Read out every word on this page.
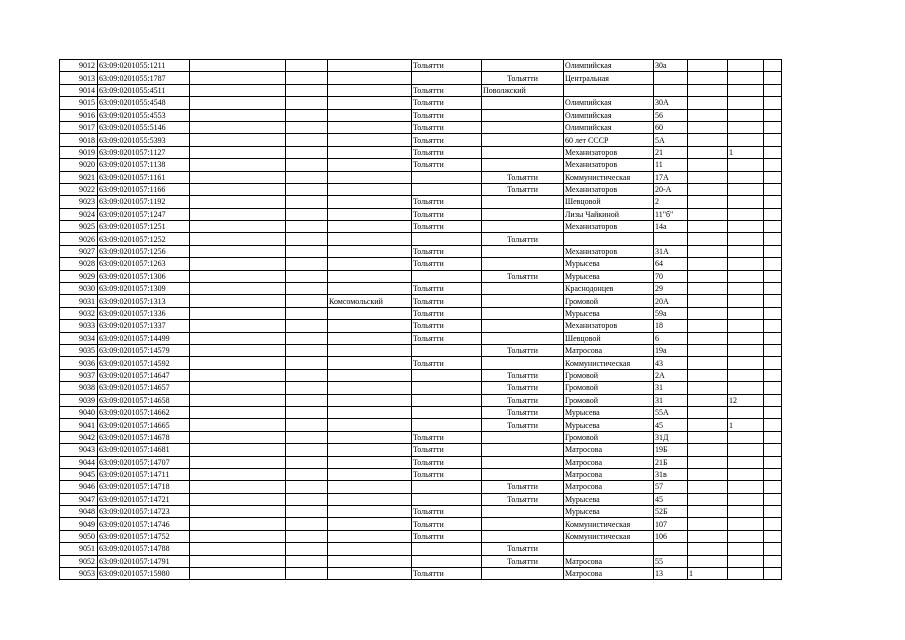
9012	63:09:0201055:1211				Тольятти		Олимпийская	30а			
9013	63:09:0201055:1787					Тольятти	Центральная				
9014	63:09:0201055:4511				Тольятти	Поволжский					
9015	63:09:0201055:4548				Тольятти		Олимпийская	30А			
9016	63:09:0201055:4553				Тольятти		Олимпийская	56			
9017	63:09:0201055:5146				Тольятти		Олимпийская	60			
9018	63:09:0201055:5393				Тольятти		60 лет СССР	5А			
9019	63:09:0201057:1127				Тольятти		Механизаторов	21		1	
9020	63:09:0201057:1138				Тольятти		Механизаторов	11			
9021	63:09:0201057:1161					Тольятти	Коммунистическая	17А			
9022	63:09:0201057:1166					Тольятти	Механизаторов	20-А			
9023	63:09:0201057:1192				Тольятти		Шевцовой	2			
9024	63:09:0201057:1247				Тольятти		Лизы Чайкиной	11"б"			
9025	63:09:0201057:1251				Тольятти		Механизаторов	14а			
9026	63:09:0201057:1252					Тольятти					
9027	63:09:0201057:1256				Тольятти		Механизаторов	31А			
9028	63:09:0201057:1263				Тольятти		Мурысева	64			
9029	63:09:0201057:1306					Тольятти	Мурысева	70			
9030	63:09:0201057:1309				Тольятти		Краснодонцев	29			
9031	63:09:0201057:1313			Комсомольский	Тольятти		Громовой	20А			
9032	63:09:0201057:1336				Тольятти		Мурысева	59а			
9033	63:09:0201057:1337				Тольятти		Механизаторов	18			
9034	63:09:0201057:14499				Тольятти		Шевцовой	6			
9035	63:09:0201057:14579					Тольятти	Матросова	19а			
9036	63:09:0201057:14592				Тольятти		Коммунистическая	43			
9037	63:09:0201057:14647					Тольятти	Громовой	2А			
9038	63:09:0201057:14657					Тольятти	Громовой	31			
9039	63:09:0201057:14658					Тольятти	Громовой	31		12	
9040	63:09:0201057:14662					Тольятти	Мурысева	55А			
9041	63:09:0201057:14665					Тольятти	Мурысева	45		1	
9042	63:09:0201057:14678				Тольятти		Громовой	31Д			
9043	63:09:0201057:14681				Тольятти		Матросова	19Б			
9044	63:09:0201057:14707				Тольятти		Матросова	21Б			
9045	63:09:0201057:14711				Тольятти		Матросова	31в			
9046	63:09:0201057:14718					Тольятти	Матросова	57			
9047	63:09:0201057:14721					Тольятти	Мурысева	45			
9048	63:09:0201057:14723				Тольятти		Мурысева	52Б			
9049	63:09:0201057:14746				Тольятти		Коммунистическая	107			
9050	63:09:0201057:14752				Тольятти		Коммунистическая	106			
9051	63:09:0201057:14788					Тольятти					
9052	63:09:0201057:14791					Тольятти	Матросова	55			
9053	63:09:0201057:15980				Тольятти		Матросова	13	1		
